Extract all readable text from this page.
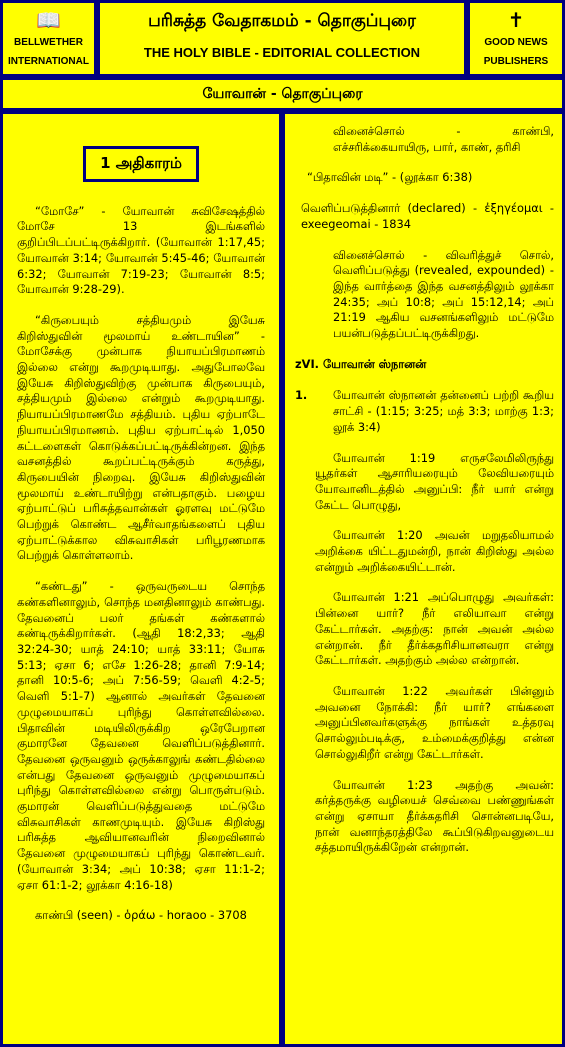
📖
BELLWETHER
INTERNATIONAL
பரிசுத்த வேதாகமம் - தொகுப்புரை
THE HOLY BIBLE - EDITORIAL COLLECTION
✝
GOOD NEWS
PUBLISHERS
யோவான் - தொகுப்புரை
1 அதிகாரம்

“மோசே” - யோவான் சுவிசேஷத்தில் மோசே 13 இடங்களில் குறிப்பிடப்பட்டிருக்கிறார். (யோவான் 1:17,45; யோவான் 3:14; யோவான் 5:45-46; யோவான் 6:32; யோவான் 7:19-23; யோவான் 8:5; யோவான் 9:28-29).

“கிருபையும் சத்தியமும் இயேசு கிறிஸ்துவின் மூலமாய் உண்டாயின” - மோசேக்கு முன்பாக நியாயப்பிரமாணம் இல்லை என்று கூறமுடியாது. அதுபோலவே இயேசு கிறிஸ்துவிற்கு முன்பாக கிருபையும், சத்தியமும் இல்லை என்றும் கூறமுடியாது. நியாயப்பிரமாணமே சத்தியம். புதிய ஏற்பாடே நியாயப்பிரமாணம். புதிய ஏற்பாட்டில் 1,050 கட்டளைகள் கொடுக்கப்பட்டிருக்கின்றன. இந்த வசனத்தில் கூறப்பட்டிருக்கும் கருத்து, கிருபையின் நிறைவு. இயேசு கிறிஸ்துவின் மூலமாய் உண்டாயிற்று என்பதாகும். பழைய ஏற்பாட்டுப் பரிசுத்தவான்கள் ஓரளவு மட்டுமே பெற்றுக் கொண்ட ஆசீர்வாதங்களைப் புதிய ஏற்பாட்டுக்கால விசுவாசிகள் பரிபூரணமாக பெற்றுக் கொள்ளலாம்.

“கண்டது” - ஒருவருடைய சொந்த கண்களினாலும், சொந்த மனதினாலும் காண்பது. தேவனைப் பலர் தங்கள் கண்களால் கண்டிருக்கிறார்கள். (ஆதி 18:2,33; ஆதி 32:24-30; யாத் 24:10; யாத் 33:11; யோசு 5:13; ஏசா 6; எசே 1:26-28; தானி 7:9-14; தானி 10:5-6; அப் 7:56-59; வெளி 4:2-5; வெளி 5:1-7) ஆனால் அவர்கள் தேவனை முழுமையாகப் புரிந்து கொள்ளவில்லை. பிதாவின் மடியிலிருக்கிற ஒரேபேறான குமாரனே தேவனை வெளிப்படுத்தினார். தேவனை ஒருவனும் ஒருக்காலுங் கண்டதில்லை என்பது தேவனை ஒருவனும் முழுமையாகப் புரிந்து கொள்ளவில்லை என்று பொருள்படும். குமாரன் வெளிப்படுத்துவதை மட்டுமே விசுவாசிகள் காணமுடியும். இயேசு கிறிஸ்து பரிசுத்த ஆவியானவரின் நிறைவினால் தேவனை முழுமையாகப் புரிந்து கொண்டவர். (யோவான் 3:34; அப் 10:38; ஏசா 11:1-2; ஏசா 61:1-2; லூக்கா 4:16-18)

காண்பி (seen) - ὁράω - horaoo - 3708

வினைச்சொல் - காண்பி, எச்சரிக்கையாயிரு, பார், காண், தரிசி

“பிதாவின் மடி” - (லூக்கா 6:38)

வெளிப்படுத்தினார் (declared) - ἐξηγέομαι - exeegeomai - 1834

வினைச்சொல் - விவரித்துச் சொல், வெளிப்படுத்து (revealed, expounded) - இந்த வார்த்தை இந்த வசனத்திலும் லூக்கா 24:35; அப் 10:8; அப் 15:12,14; அப் 21:19 ஆகிய வசனங்களிலும் மட்டுமே பயன்படுத்தப்பட்டிருக்கிறது.

zVI. யோவான் ஸ்நானன்
1.	யோவான் ஸ்நானன் தன்னைப் பற்றி கூறிய சாட்சி - (1:15; 3:25; மத் 3:3; மாற்கு 1:3; லூக் 3:4)

யோவான் 1:19 எருசலேமிலிருந்து யூதர்கள் ஆசாரியரையும் லேவியரையும் யோவானிடத்தில் அனுப்பி: நீர் யார் என்று கேட்ட பொழுது,

யோவான் 1:20 அவன் மறுதலியாமல் அறிக்கை யிட்டதுமன்றி, நான் கிறிஸ்து அல்ல என்றும் அறிக்கையிட்டான்.

யோவான் 1:21 அப்பொழுது அவர்கள்: பின்னை யார்? நீர் எலியாவா என்று கேட்டார்கள். அதற்கு: நான் அவன் அல்ல என்றான். நீர் தீர்க்கதரிசியானவரா என்று கேட்டார்கள். அதற்கும் அல்ல என்றான்.

யோவான் 1:22 அவர்கள் பின்னும் அவனை நோக்கி: நீர் யார்? எங்களை அனுப்பினவர்களுக்கு நாங்கள் உத்தரவு சொல்லும்படிக்கு, உம்மைக்குறித்து என்ன சொல்லுகிறீர் என்று கேட்டார்கள்.

யோவான் 1:23 அதற்கு அவன்: கர்த்தருக்கு வழியைச் செவ்வை பண்ணுங்கள் என்று ஏசாயா தீர்க்கதரிசி சொன்னபடியே, நான் வனாந்தரத்திலே கூப்பிடுகிறவனுடைய சத்தமாயிருக்கிறேன் என்றான்.
